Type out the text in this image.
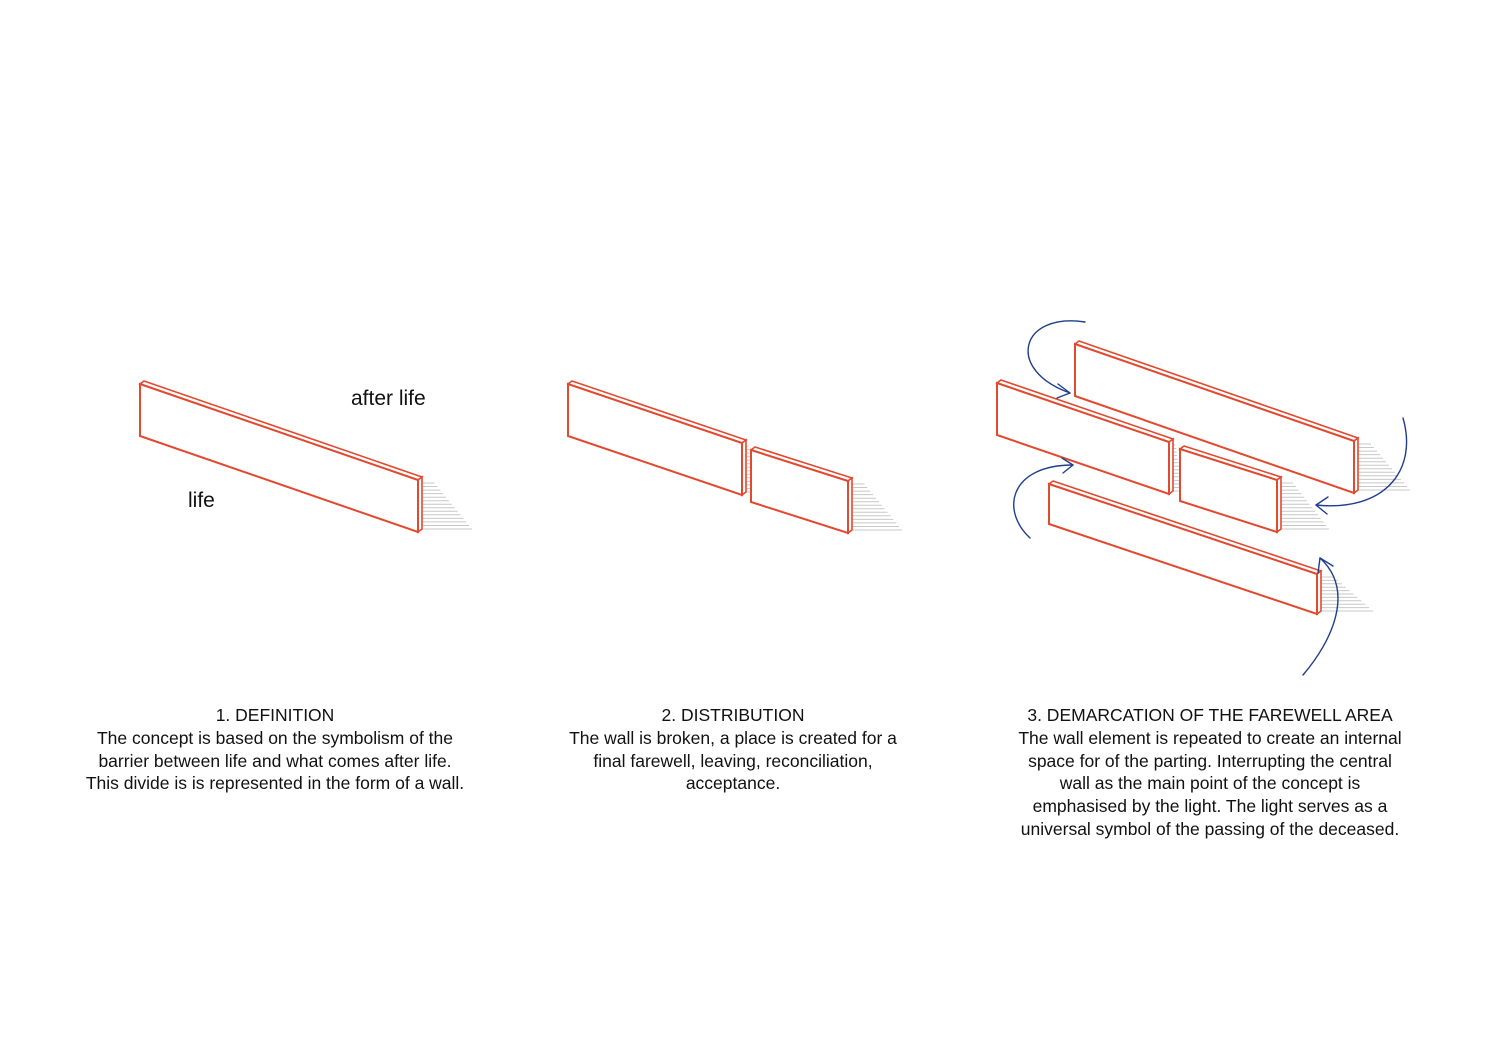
after life
life
1. DEFINITION
The concept is based on the symbolism of the
barrier between life and what comes after life.
This divide is is represented in the form of a wall.
2. DISTRIBUTION
The wall is broken, a place is created for a
final farewell, leaving, reconciliation,
acceptance.
3. DEMARCATION OF THE FAREWELL AREA
The wall element is repeated to create an internal
space for of the parting. Interrupting the central
wall as the main point of the concept is
emphasised by the light. The light serves as a
universal symbol of the passing of the deceased.
